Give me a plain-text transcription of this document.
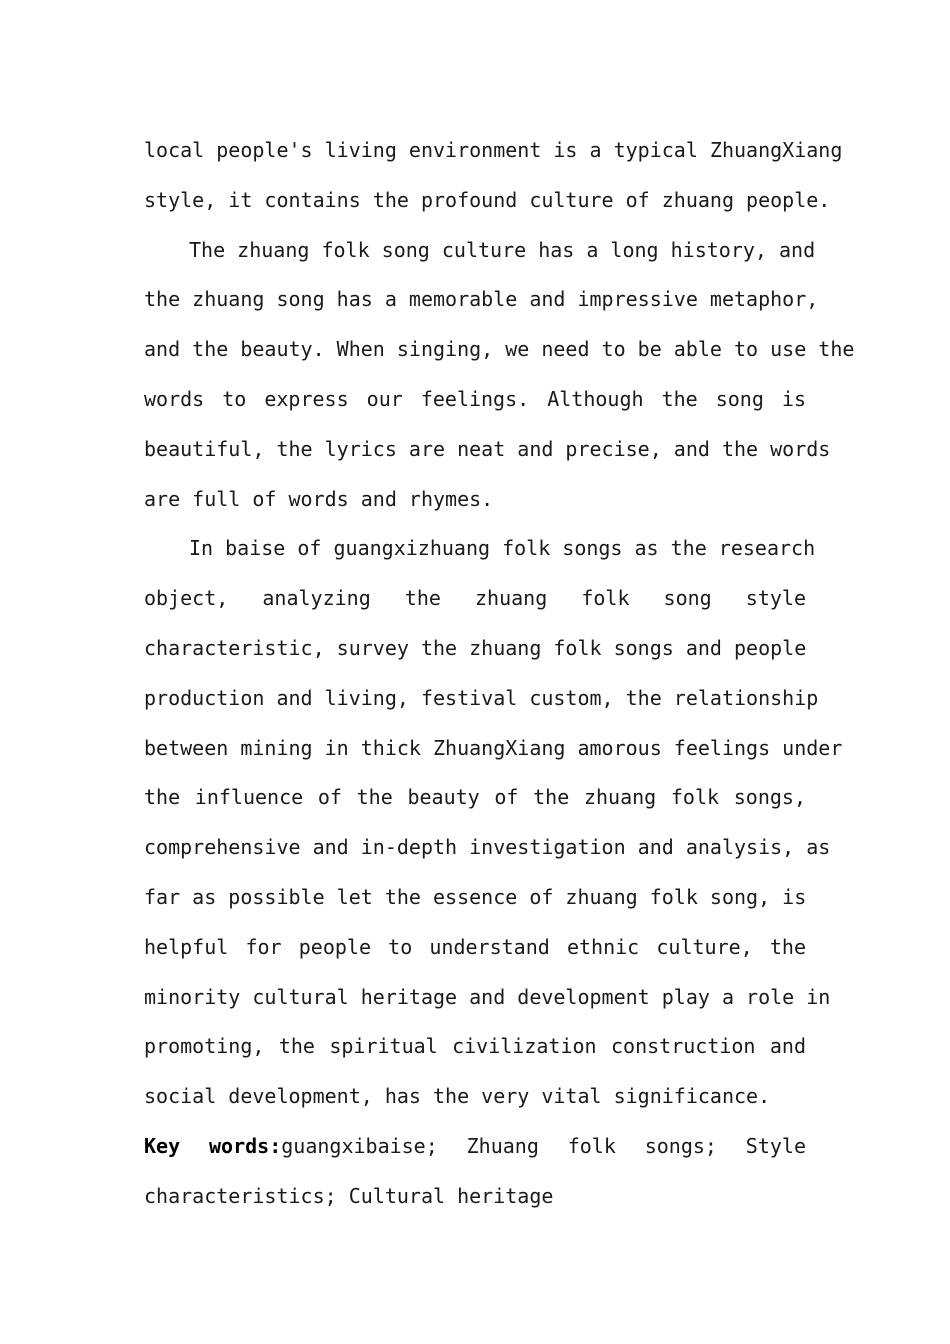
local people's living environment is a typical ZhuangXiang
style, it contains the profound culture of zhuang people.
The zhuang folk song culture has a long history, and
the zhuang song has a memorable and impressive metaphor,
and the beauty. When singing, we need to be able to use the
words to express our feelings. Although the song is
beautiful, the lyrics are neat and precise, and the words
are full of words and rhymes.
In baise of guangxizhuang folk songs as the research
object, analyzing the zhuang folk song style
characteristic, survey the zhuang folk songs and people
production and living, festival custom, the relationship
between mining in thick ZhuangXiang amorous feelings under
the influence of the beauty of the zhuang folk songs,
comprehensive and in-depth investigation and analysis, as
far as possible let the essence of zhuang folk song, is
helpful for people to understand ethnic culture, the
minority cultural heritage and development play a role in
promoting, the spiritual civilization construction and
social development, has the very vital significance.
Key words:guangxibaise; Zhuang folk songs; Style
characteristics; Cultural heritage
